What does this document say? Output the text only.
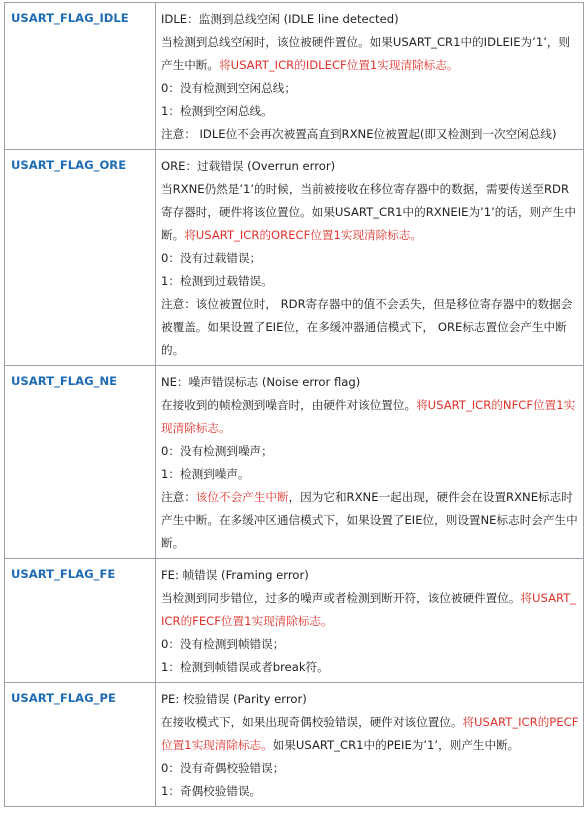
USART_FLAG_IDLE	IDLE：监测到总线空闲 (IDLE line detected)
当检测到总线空闲时，该位被硬件置位。如果USART_CR1中的IDLEIE为’1’，则产生中断。将USART_ICR的IDLECF位置1实现清除标志。
0：没有检测到空闲总线；
1：检测到空闲总线。
注意： IDLE位不会再次被置高直到RXNE位被置起(即又检测到一次空闲总线)

USART_FLAG_ORE	ORE：过载错误 (Overrun error)
当RXNE仍然是’1’的时候，当前被接收在移位寄存器中的数据，需要传送至RDR寄存器时，硬件将该位置位。如果USART_CR1中的RXNEIE为’1’的话，则产生中断。将USART_ICR的ORECF位置1实现清除标志。
0：没有过载错误；
1：检测到过载错误。
注意：该位被置位时， RDR寄存器中的值不会丢失，但是移位寄存器中的数据会被覆盖。如果设置了EIE位，在多缓冲器通信模式下， ORE标志置位会产生中断的。

USART_FLAG_NE	NE：噪声错误标志 (Noise error flag)
在接收到的帧检测到噪音时，由硬件对该位置位。将USART_ICR的NFCF位置1实现清除标志。
0：没有检测到噪声；
1：检测到噪声。
注意：该位不会产生中断，因为它和RXNE一起出现，硬件会在设置RXNE标志时产生中断。在多缓冲区通信模式下，如果设置了EIE位，则设置NE标志时会产生中断。

USART_FLAG_FE	FE: 帧错误 (Framing error)
当检测到同步错位，过多的噪声或者检测到断开符，该位被硬件置位。将USART_ICR的FECF位置1实现清除标志。
0：没有检测到帧错误；
1：检测到帧错误或者break符。

USART_FLAG_PE	PE: 校验错误 (Parity error)
在接收模式下，如果出现奇偶校验错误，硬件对该位置位。将USART_ICR的PECF位置1实现清除标志。如果USART_CR1中的PEIE为’1’，则产生中断。
0：没有奇偶校验错误；
1：奇偶校验错误。
